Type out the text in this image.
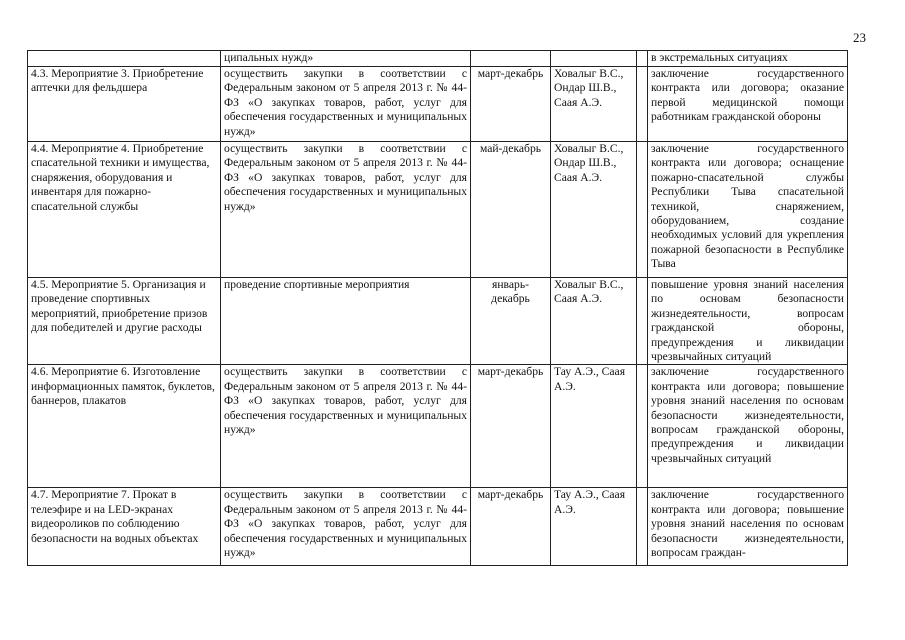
23
	ципальных нужд»				в экстремальных ситуациях
4.3. Мероприятие 3. Приобретение аптечки для фельдшера	осуществить закупки в соответствии с Федеральным законом от 5 апреля 2013 г. № 44-ФЗ «О закупках товаров, работ, услуг для обеспечения государственных и муниципальных нужд»	март-декабрь	Ховалыг В.С., Ондар Ш.В., Саая А.Э.		заключение государственного контракта или договора; оказание первой медицинской помощи работникам гражданской обороны
4.4. Мероприятие 4. Приобретение спасательной техники и имущества, снаряжения, оборудования и инвентаря для пожарно-спасательной службы	осуществить закупки в соответствии с Федеральным законом от 5 апреля 2013 г. № 44-ФЗ «О закупках товаров, работ, услуг для обеспечения государственных и муниципальных нужд»	май-декабрь	Ховалыг В.С., Ондар Ш.В., Саая А.Э.		заключение государственного контракта или договора; оснащение пожарно-спасательной службы Республики Тыва спасательной техникой, снаряжением, оборудованием, создание необходимых условий для укрепления пожарной безопасности в Республике Тыва
4.5. Мероприятие 5. Организация и проведение спортивных мероприятий, приобретение призов для победителей и другие расходы	проведение спортивные мероприятия	январь-декабрь	Ховалыг В.С., Саая А.Э.		повышение уровня знаний населения по основам безопасности жизнедеятельности, вопросам гражданской обороны, предупреждения и ликвидации чрезвычайных ситуаций
4.6. Мероприятие 6. Изготовление информационных памяток, буклетов, баннеров, плакатов	осуществить закупки в соответствии с Федеральным законом от 5 апреля 2013 г. № 44-ФЗ «О закупках товаров, работ, услуг для обеспечения государственных и муниципальных нужд»	март-декабрь	Тау А.Э., Саая А.Э.		заключение государственного контракта или договора; повышение уровня знаний населения по основам безопасности жизнедеятельности, вопросам гражданской обороны, предупреждения и ликвидации чрезвычайных ситуаций
4.7. Мероприятие 7. Прокат в телеэфире и на LED-экранах видеороликов по соблюдению безопасности на водных объектах	осуществить закупки в соответствии с Федеральным законом от 5 апреля 2013 г. № 44-ФЗ «О закупках товаров, работ, услуг для обеспечения государственных и муниципальных нужд»	март-декабрь	Тау А.Э., Саая А.Э.		заключение государственного контракта или договора; повышение уровня знаний населения по основам безопасности жизнедеятельности, вопросам граждан-
